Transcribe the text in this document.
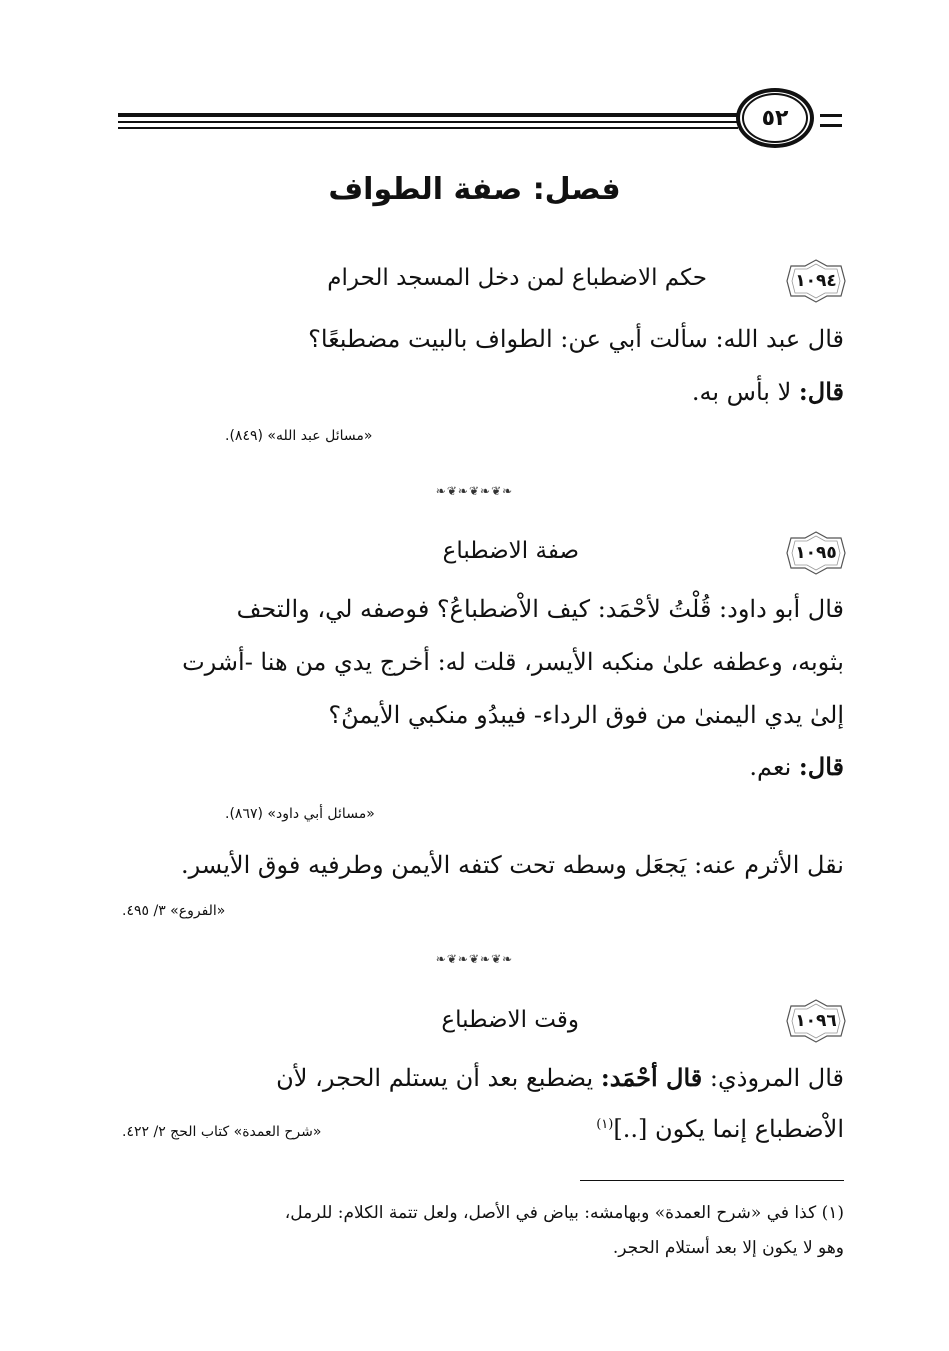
٥٢
فصل: صفة الطواف
١٠٩٤
حكم الاضطباع لمن دخل المسجد الحرام
قال عبد الله: سألت أبي عن: الطواف بالبيت مضطبعًا؟
قال: لا بأس به.
«مسائل عبد الله» (٨٤٩).
❧❦❧❦❧❦❧
١٠٩٥
صفة الاضطباع
قال أبو داود: قُلْتُ لأحْمَد: كيف الاْضطباعُ؟ فوصفه لي، والتحف
بثوبه، وعطفه علىٰ منكبه الأيسر، قلت له: أخرج يدي من هنا -أشرت
إلىٰ يدي اليمنىٰ من فوق الرداء- فيبدُو منكبي الأيمنُ؟
قال: نعم.
«مسائل أبي داود» (٨٦٧).
نقل الأثرم عنه: يَجعَل وسطه تحت كتفه الأيمن وطرفيه فوق الأيسر.
«الفروع» ٣/ ٤٩٥.
❧❦❧❦❧❦❧
١٠٩٦
وقت الاضطباع
قال المروذي: قال أحْمَد: يضطبع بعد أن يستلم الحجر، لأن
الاْضطباع إنما يكون [..]$^{(١)}$
«شرح العمدة» كتاب الحج ٢/ ٤٢٢.
(١) كذا في «شرح العمدة» وبهامشه: بياض في الأصل، ولعل تتمة الكلام: للرمل،
وهو لا يكون إلا بعد أستلام الحجر.
